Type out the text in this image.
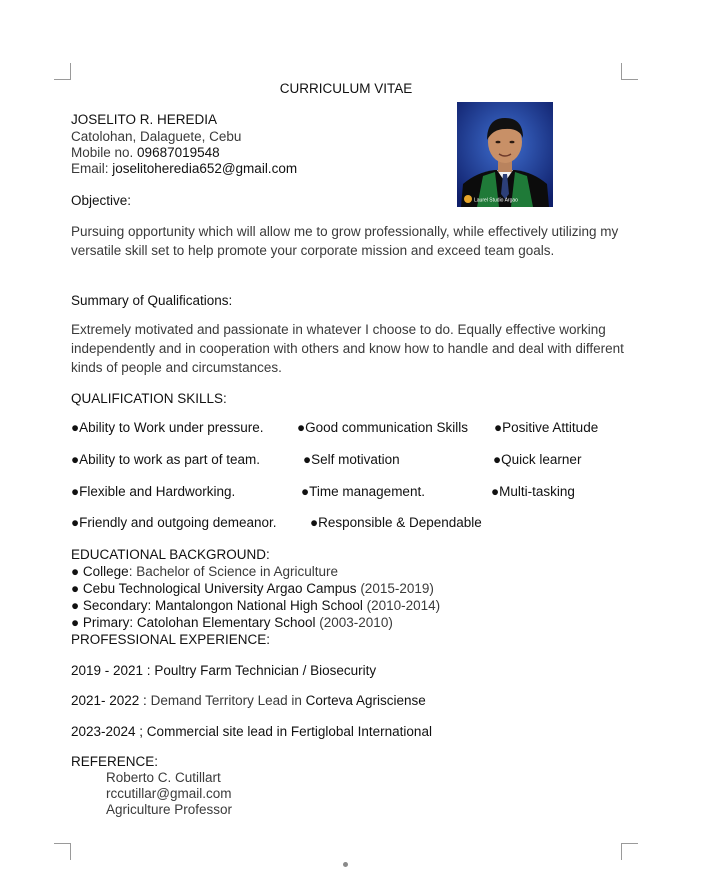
CURRICULUM VITAE
JOSELITO R. HEREDIA
Catolohan, Dalaguete, Cebu
Mobile no. 09687019548
Email: joselitoheredia652@gmail.com
Laurel Studio Argao
Objective:
Pursuing opportunity which will allow me to grow professionally, while effectively utilizing my versatile skill set to help promote your corporate mission and exceed team goals.
Summary of Qualifications:
Extremely motivated and passionate in whatever I choose to do. Equally effective working independently and in cooperation with others and know how to handle and deal with different kinds of people and circumstances.
QUALIFICATION SKILLS:
●Ability to Work under pressure. ●Good communication Skills ●Positive Attitude
●Ability to work as part of team.	●Self motivation	●Quick learner
●Flexible and Hardworking.	●Time management.	●Multi-tasking
●Friendly and outgoing demeanor. ●Responsible & Dependable
EDUCATIONAL BACKGROUND:
● College: Bachelor of Science in Agriculture
● Cebu Technological University Argao Campus (2015-2019)
● Secondary: Mantalongon National High School (2010-2014)
● Primary: Catolohan Elementary School (2003-2010)
PROFESSIONAL EXPERIENCE:
2019 - 2021 : Poultry Farm Technician / Biosecurity
2021- 2022 : Demand Territory Lead in Corteva Agrisciense
2023-2024 ; Commercial site lead in Fertiglobal International
REFERENCE:
Roberto C. Cutillart
rccutillar@gmail.com
Agriculture Professor
